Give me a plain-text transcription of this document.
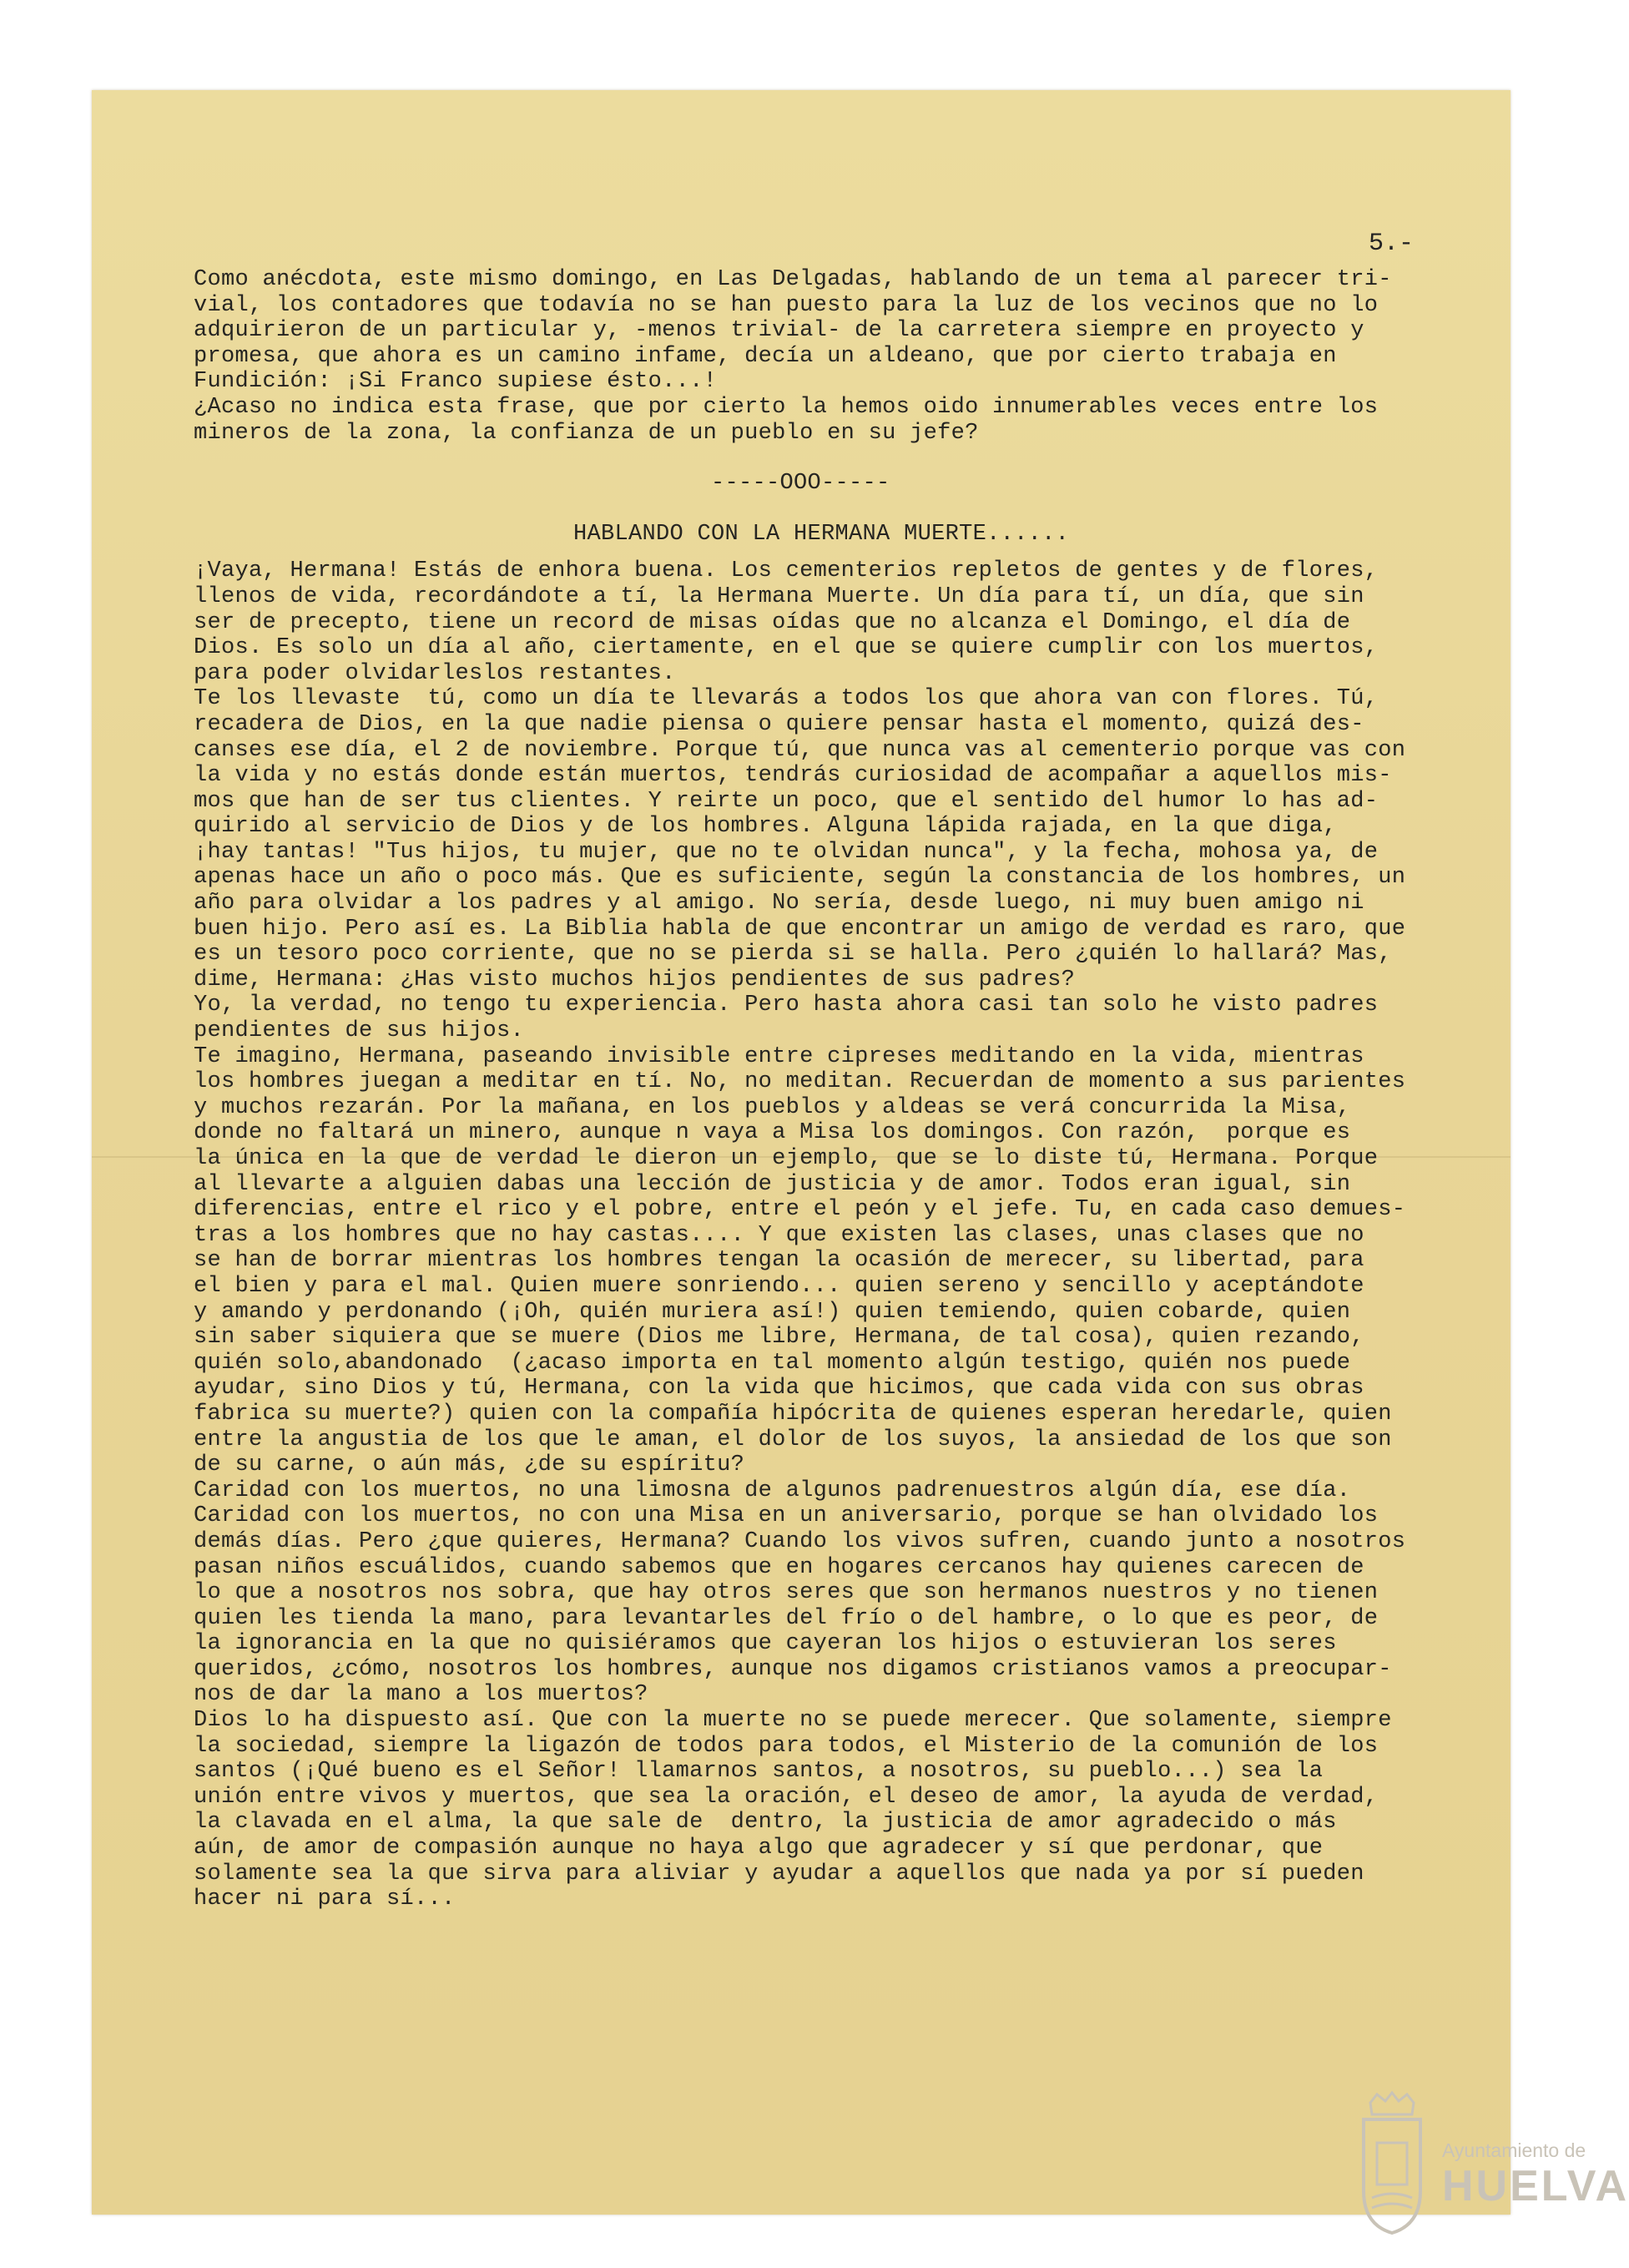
5.-

Como anécdota, este mismo domingo, en Las Delgadas, hablando de un tema al parecer tri-
vial, los contadores que todavía no se han puesto para la luz de los vecinos que no lo
adquirieron de un particular y, -menos trivial- de la carretera siempre en proyecto y
promesa, que ahora es un camino infame, decía un aldeano, que por cierto trabaja en
Fundición: ¡Si Franco supiese ésto...!
¿Acaso no indica esta frase, que por cierto la hemos oido innumerables veces entre los
mineros de la zona, la confianza de un pueblo en su jefe?
-----OOO-----
HABLANDO CON LA HERMANA MUERTE......
¡Vaya, Hermana! Estás de enhora buena. Los cementerios repletos de gentes y de flores,
llenos de vida, recordándote a tí, la Hermana Muerte. Un día para tí, un día, que sin
ser de precepto, tiene un record de misas oídas que no alcanza el Domingo, el día de
Dios. Es solo un día al año, ciertamente, en el que se quiere cumplir con los muertos,
para poder olvidarleslos restantes.
Te los llevaste  tú, como un día te llevarás a todos los que ahora van con flores. Tú,
recadera de Dios, en la que nadie piensa o quiere pensar hasta el momento, quizá des-
canses ese día, el 2 de noviembre. Porque tú, que nunca vas al cementerio porque vas con
la vida y no estás donde están muertos, tendrás curiosidad de acompañar a aquellos mis-
mos que han de ser tus clientes. Y reirte un poco, que el sentido del humor lo has ad-
quirido al servicio de Dios y de los hombres. Alguna lápida rajada, en la que diga,
¡hay tantas! "Tus hijos, tu mujer, que no te olvidan nunca", y la fecha, mohosa ya, de
apenas hace un año o poco más. Que es suficiente, según la constancia de los hombres, un
año para olvidar a los padres y al amigo. No sería, desde luego, ni muy buen amigo ni
buen hijo. Pero así es. La Biblia habla de que encontrar un amigo de verdad es raro, que
es un tesoro poco corriente, que no se pierda si se halla. Pero ¿quién lo hallará? Mas,
dime, Hermana: ¿Has visto muchos hijos pendientes de sus padres?
Yo, la verdad, no tengo tu experiencia. Pero hasta ahora casi tan solo he visto padres
pendientes de sus hijos.
Te imagino, Hermana, paseando invisible entre cipreses meditando en la vida, mientras
los hombres juegan a meditar en tí. No, no meditan. Recuerdan de momento a sus parientes
y muchos rezarán. Por la mañana, en los pueblos y aldeas se verá concurrida la Misa,
donde no faltará un minero, aunque n vaya a Misa los domingos. Con razón,  porque es
la única en la que de verdad le dieron un ejemplo, que se lo diste tú, Hermana. Porque
al llevarte a alguien dabas una lección de justicia y de amor. Todos eran igual, sin
diferencias, entre el rico y el pobre, entre el peón y el jefe. Tu, en cada caso demues-
tras a los hombres que no hay castas.... Y que existen las clases, unas clases que no
se han de borrar mientras los hombres tengan la ocasión de merecer, su libertad, para
el bien y para el mal. Quien muere sonriendo... quien sereno y sencillo y aceptándote
y amando y perdonando (¡Oh, quién muriera así!) quien temiendo, quien cobarde, quien
sin saber siquiera que se muere (Dios me libre, Hermana, de tal cosa), quien rezando,
quién solo,abandonado  (¿acaso importa en tal momento algún testigo, quién nos puede
ayudar, sino Dios y tú, Hermana, con la vida que hicimos, que cada vida con sus obras
fabrica su muerte?) quien con la compañía hipócrita de quienes esperan heredarle, quien
entre la angustia de los que le aman, el dolor de los suyos, la ansiedad de los que son
de su carne, o aún más, ¿de su espíritu?
Caridad con los muertos, no una limosna de algunos padrenuestros algún día, ese día.
Caridad con los muertos, no con una Misa en un aniversario, porque se han olvidado los
demás días. Pero ¿que quieres, Hermana? Cuando los vivos sufren, cuando junto a nosotros
pasan niños escuálidos, cuando sabemos que en hogares cercanos hay quienes carecen de
lo que a nosotros nos sobra, que hay otros seres que son hermanos nuestros y no tienen
quien les tienda la mano, para levantarles del frío o del hambre, o lo que es peor, de
la ignorancia en la que no quisiéramos que cayeran los hijos o estuvieran los seres
queridos, ¿cómo, nosotros los hombres, aunque nos digamos cristianos vamos a preocupar-
nos de dar la mano a los muertos?
Dios lo ha dispuesto así. Que con la muerte no se puede merecer. Que solamente, siempre
la sociedad, siempre la ligazón de todos para todos, el Misterio de la comunión de los
santos (¡Qué bueno es el Señor! llamarnos santos, a nosotros, su pueblo...) sea la
unión entre vivos y muertos, que sea la oración, el deseo de amor, la ayuda de verdad,
la clavada en el alma, la que sale de  dentro, la justicia de amor agradecido o más
aún, de amor de compasión aunque no haya algo que agradecer y sí que perdonar, que
solamente sea la que sirva para aliviar y ayudar a aquellos que nada ya por sí pueden
hacer ni para sí...
Ayuntamiento de
HUELVA
